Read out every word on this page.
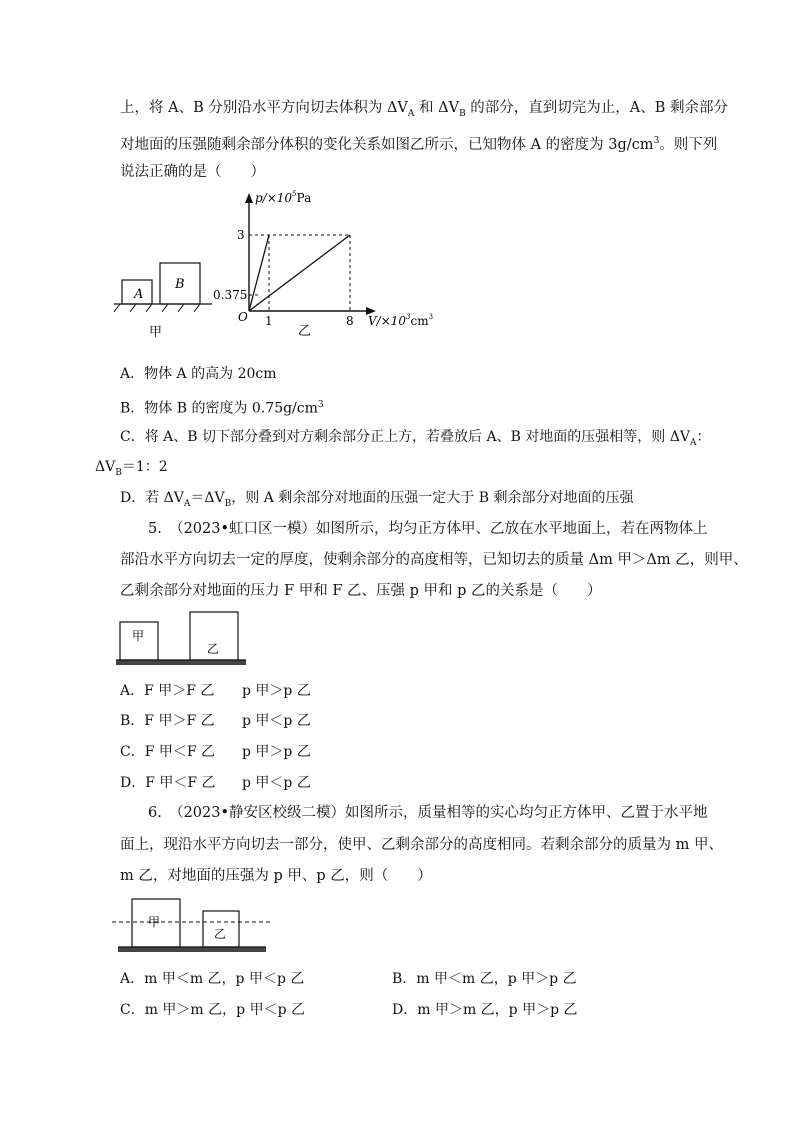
上，将 A、B 分别沿水平方向切去体积为 $\Delta V_A$ 和 $\Delta V_B$ 的部分，直到切完为止，A、B 剩余部分
对地面的压强随剩余部分体积的变化关系如图乙所示，已知物体 A 的密度为 $3g/cm^3$。则下列
说法正确的是（　　）
A
B
甲
$p/\times 10^5Pa$
3
0.375
O 1	8 $V/\times 10^3cm^3$
乙
A．物体 A 的高为 20cm
B．物体 B 的密度为 $0.75g/cm^3$
C．将 A、B 切下部分叠到对方剩余部分正上方，若叠放后 A、B 对地面的压强相等，则 $\Delta V_A$：
$\Delta V_B=1$：2
D．若 $\Delta V_A=\Delta V_B$，则 A 剩余部分对地面的压强一定大于 B 剩余部分对地面的压强
5.　（2023•虹口区一模）如图所示，均匀正方体甲、乙放在水平地面上，若在两物体上
部沿水平方向切去一定的厚度，使剩余部分的高度相等，已知切去的质量 Δm 甲＞Δm 乙，则甲、
乙剩余部分对地面的压力 F 甲和 F 乙、压强 p 甲和 p 乙的关系是（　　）
甲
乙
A．F 甲＞F 乙 p 甲＞p 乙
B．F 甲＞F 乙 p 甲＜p 乙
C．F 甲＜F 乙 p 甲＞p 乙
D．F 甲＜F 乙 p 甲＜p 乙
6.　（2023•静安区校级二模）如图所示，质量相等的实心均匀正方体甲、乙置于水平地
面上，现沿水平方向切去一部分，使甲、乙剩余部分的高度相同。若剩余部分的质量为 m 甲、
m 乙，对地面的压强为 p 甲、p 乙，则（　　）
甲
乙
A．m 甲＜m 乙，p 甲＜p 乙	B．m 甲＜m 乙，p 甲＞p 乙
C．m 甲＞m 乙，p 甲＜p 乙	D．m 甲＞m 乙，p 甲＞p 乙
